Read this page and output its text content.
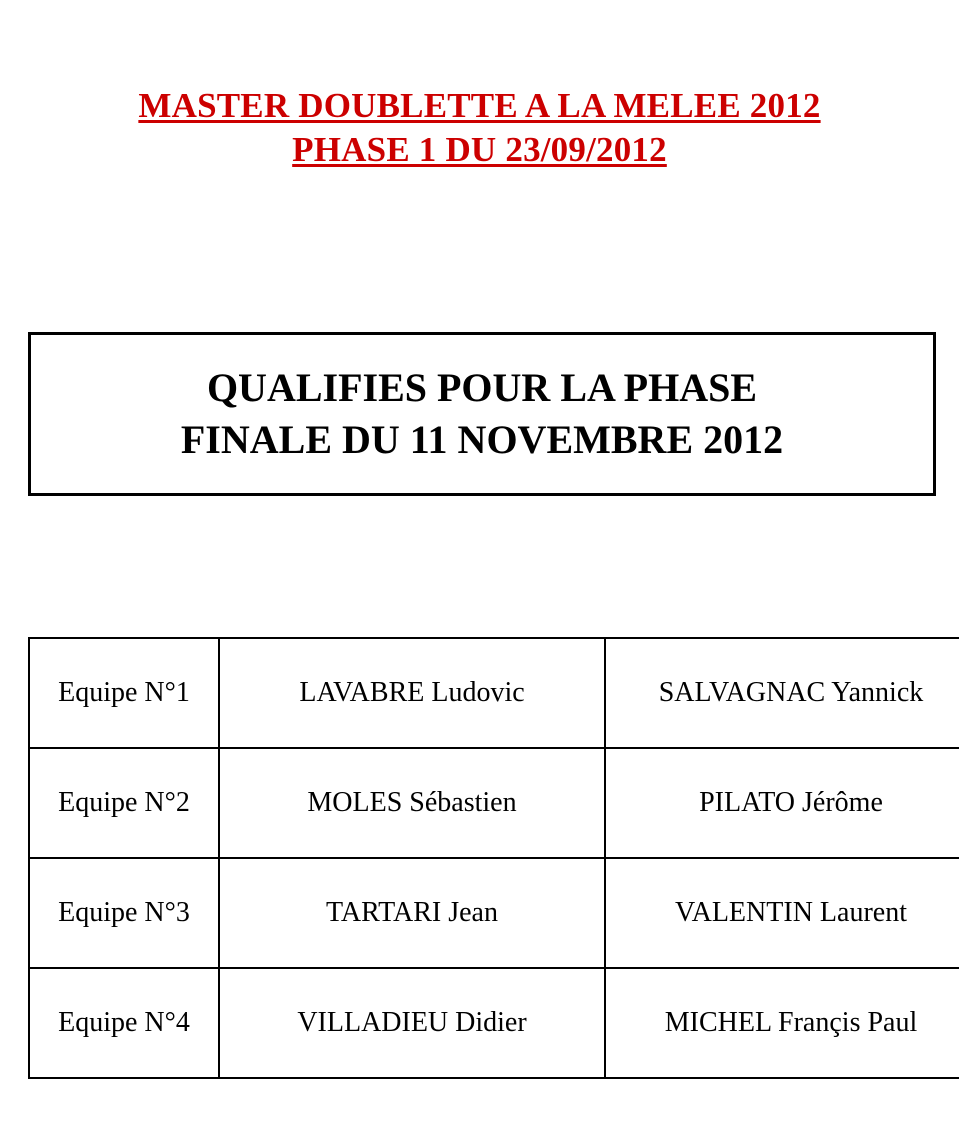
MASTER DOUBLETTE A LA MELEE 2012
PHASE 1 DU 23/09/2012
QUALIFIES POUR LA PHASE
FINALE DU 11 NOVEMBRE 2012
Equipe N°1	LAVABRE Ludovic	SALVAGNAC Yannick
Equipe N°2	MOLES Sébastien	PILATO Jérôme
Equipe N°3	TARTARI Jean	VALENTIN Laurent
Equipe N°4	VILLADIEU Didier	MICHEL Françis Paul
